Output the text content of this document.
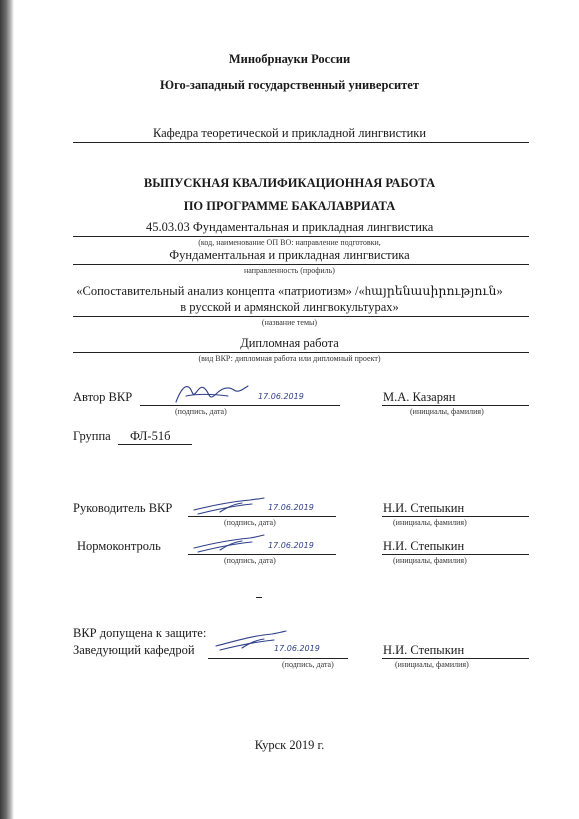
Минобрнауки России
Юго-западный государственный университет
Кафедра теоретической и прикладной лингвистики
ВЫПУСКНАЯ КВАЛИФИКАЦИОННАЯ РАБОТА
ПО ПРОГРАММЕ БАКАЛАВРИАТА
45.03.03 Фундаментальная и прикладная лингвистика
(код, наименование ОП ВО: направление подготовки,
Фундаментальная и прикладная лингвистика
направленность (профиль)
«Сопоставительный анализ концепта «патриотизм» /«hայրենասիրություն»
в русской и армянской лингвокультурах»
(название темы)
Дипломная работа
(вид ВКР: дипломная работа или дипломный проект)
Автор ВКР	17.06.2019
(подпись, дата)
М.А. Казарян
(инициалы, фамилия)
Группа ФЛ-51б
Руководитель ВКР	17.06.2019
(подпись, дата)
Н.И. Степыкин
(инициалы, фамилия)
Нормоконтроль	17.06.2019
(подпись, дата)
Н.И. Степыкин
(инициалы, фамилия)
ВКР допущена к защите:
Заведующий кафедрой	17.06.2019
(подпись, дата)
Н.И. Степыкин
(инициалы, фамилия)
Курск 2019 г.
